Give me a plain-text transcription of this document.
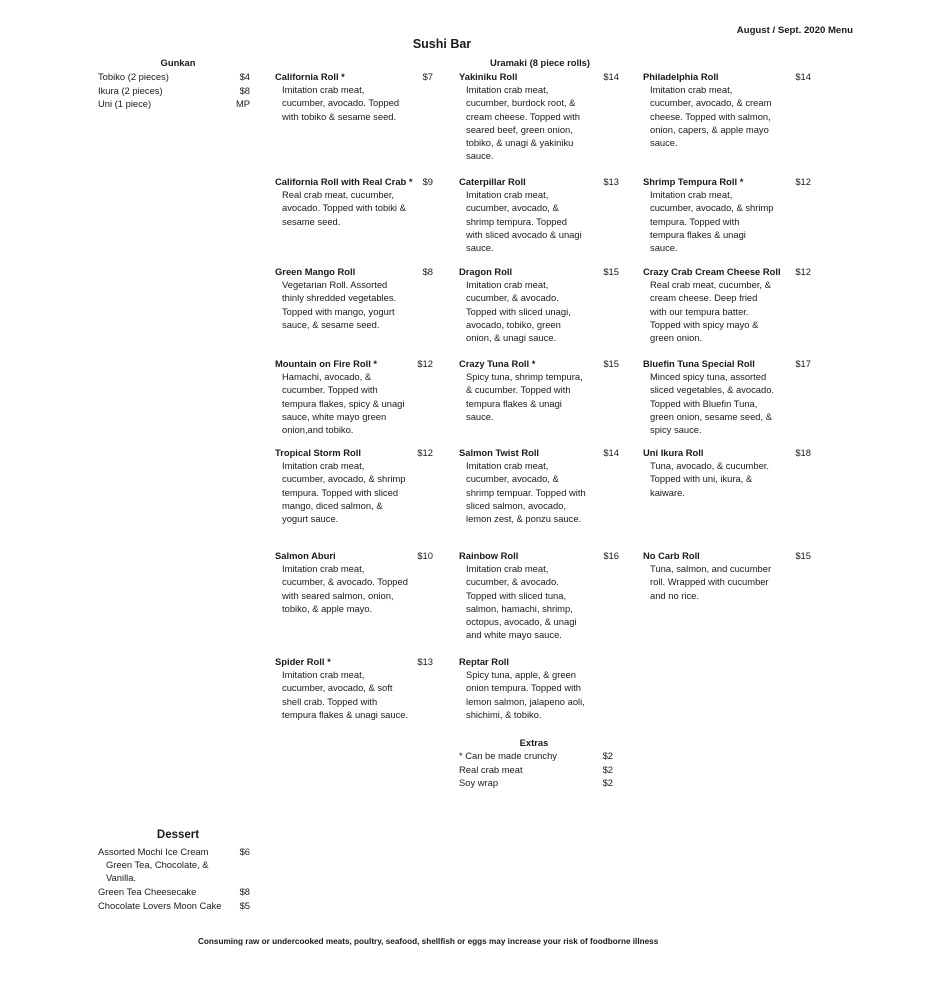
August / Sept. 2020 Menu
Sushi Bar
Gunkan
Tobiko (2 pieces)	$4
Ikura (2 pieces)	$8
Uni (1 piece)	MP
Uramaki (8 piece rolls)
California Roll *	$7
Imitation crab meat, cucumber, avocado. Topped with tobiko & sesame seed.
California Roll with Real Crab *	$9
Real crab meat, cucumber, avocado. Topped with tobiki & sesame seed.
Green Mango Roll	$8
Vegetarian Roll. Assorted thinly shredded vegetables. Topped with mango, yogurt sauce, & sesame seed.
Mountain on Fire Roll *	$12
Hamachi, avocado, & cucumber. Topped with tempura flakes, spicy & unagi sauce, white mayo green onion,and tobiko.
Tropical Storm Roll	$12
Imitation crab meat, cucumber, avocado, & shrimp tempura. Topped with sliced mango, diced salmon, & yogurt sauce.
Salmon Aburi	$10
Imitation crab meat, cucumber, & avocado. Topped with seared salmon, onion, tobiko, & apple mayo.
Spider Roll *	$13
Imitation crab meat, cucumber, avocado, & soft shell crab. Topped with tempura flakes & unagi sauce.
Yakiniku Roll	$14
Imitation crab meat, cucumber, burdock root, & cream cheese. Topped with seared beef, green onion, tobiko, & unagi & yakiniku sauce.
Caterpillar Roll	$13
Imitation crab meat, cucumber, avocado, & shrimp tempura. Topped with sliced avocado & unagi sauce.
Dragon Roll	$15
Imitation crab meat, cucumber, & avocado. Topped with sliced unagi, avocado, tobiko, green onion, & unagi sauce.
Crazy Tuna Roll *	$15
Spicy tuna, shrimp tempura, & cucumber. Topped with tempura flakes & unagi sauce.
Salmon Twist Roll	$14
Imitation crab meat, cucumber, avocado, & shrimp tempuar. Topped with sliced salmon, avocado, lemon zest, & ponzu sauce.
Rainbow Roll	$16
Imitation crab meat, cucumber, & avocado. Topped with sliced tuna, salmon, hamachi, shrimp, octopus, avocado, & unagi and white mayo sauce.
Reptar Roll
Spicy tuna, apple, & green onion tempura. Topped with lemon salmon, jalapeno aoli, shichimi, & tobiko.
Philadelphia Roll	$14
Imitation crab meat, cucumber, avocado, & cream cheese. Topped with salmon, onion, capers, & apple mayo sauce.
Shrimp Tempura Roll *	$12
Imitation crab meat, cucumber, avocado, & shrimp tempura. Topped with tempura flakes & unagi sauce.
Crazy Crab Cream Cheese Roll	$12
Real crab meat, cucumber, & cream cheese. Deep fried with our tempura batter. Topped with spicy mayo & green onion.
Bluefin Tuna Special Roll	$17
Minced spicy tuna, assorted sliced vegetables, & avocado. Topped with Bluefin Tuna, green onion, sesame seed, & spicy sauce.
Uni Ikura Roll	$18
Tuna, avocado, & cucumber. Topped with uni, ikura, & kaiware.
No Carb Roll	$15
Tuna, salmon, and cucumber roll. Wrapped with cucumber and no rice.
Extras
* Can be made crunchy	$2
Real crab meat	$2
Soy wrap	$2
Dessert
Assorted Mochi Ice Cream	$6
Green Tea, Chocolate, & Vanilla.
Green Tea Cheesecake	$8
Chocolate Lovers Moon Cake $5
Consuming raw or undercooked meats, poultry, seafood, shellfish or eggs may increase your risk of foodborne illness
